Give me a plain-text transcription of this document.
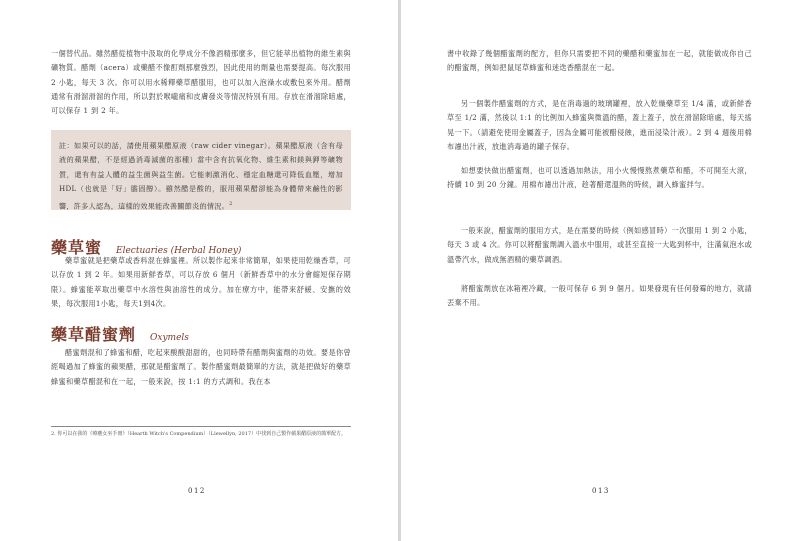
一個替代品。雖然醋從植物中汲取的化學成分不像酒精那麼多，但它能萃出植物的維生素與礦物質。醋劑（acera）或藥醋不像酊劑那麼強烈，因此使用的劑量也需要提高。每次服用 2 小匙，每天 3 次。你可以用水稀釋藥草醋服用，也可以加入泡澡水或敷包來外用。醋劑通常有滑溜滑溜的作用，所以對於喉嚨痛和皮膚發炎等情況特別有用。存放在滑溜除暗處，可以保存 1 到 2 年。

註：如果可以的話，請使用蘋果醋原液（raw cider vinegar）。蘋果醋原液（含有母液的蘋果醋，不是經過消毒滅菌的那種）當中含有抗氧化物、維生素和鎂與鉀等礦物質，還有有益人體的益生菌與益生菌。它能刺激消化、穩定血糖還可降低血壓，增加 HDL（也就是「好」膽固醇）。雖然醋是酸的，服用蘋果醋卻能為身體帶來鹼性的影響，許多人認為，這樣的效果能改善關節炎的情況。$^2$

藥草蜜 Electuaries (Herbal Honey)

藥草蜜就是把藥草或香料混在蜂蜜裡。所以製作起來非常簡單，如果使用乾燥香草，可以存放 1 到 2 年。如果用新鮮香草，可以存放 6 個月（新鮮香草中的水分會縮短保存期限）。蜂蜜能萃取出藥草中水溶性與油溶性的成分。加在療方中，能帶來舒緩、安撫的效果，每次服用1小匙，每天1到4次。

藥草醋蜜劑 Oxymels

醋蜜劑混和了蜂蜜和醋，吃起來酸酸甜甜的，也同時帶有醋劑與蜜劑的功效。要是你曾經喝過加了蜂蜜的蘋果醋，那就是醋蜜劑了。製作醋蜜劑最簡單的方法，就是把做好的藥草蜂蜜和藥草醋混和在一起，一般來說，按 1:1 的方式調和。我在本

2. 你可以在我的《療癒女巫手冊》（Hearth Witch's Compendium）（Llewellyn, 2017）中找到自己製作蘋果醋原液的簡單配方。

012

書中收錄了幾個醋蜜劑的配方，但你只需要把不同的藥醋和藥蜜加在一起，就能做成你自己的醋蜜劑，例如把鼠尾草蜂蜜和迷迭香醋混在一起。

另一個製作醋蜜劑的方式，是在消毒過的玻璃罐裡，放入乾燥藥草至 1/4 滿，或新鮮香草至 1/2 滿，然後以 1:1 的比例加入蜂蜜與微溫的醋，蓋上蓋子，放在滑溜除暗處，每天搖晃一下。（請避免使用金屬蓋子，因為金屬可能被醋侵蝕，進而浸染汁液）。2 到 4 週後用棉布濾出汁液，放進消毒過的罐子保存。

如想要快做出醋蜜劑，也可以透過加熱法，用小火慢慢熬煮藥草和醋，不可開至大滾，持續 10 到 20 分鐘。用棉布濾出汁液，趁著醋還溫熱的時候，調入蜂蜜拌勻。

一般來說，醋蜜劑的服用方式，是在需要的時候（例如感冒時）一次服用 1 到 2 小匙，每天 3 或 4 次。你可以將醋蜜劑調入溫水中服用，或甚至直接一大匙到杯中，注滿氣泡水或溫帶汽水，做成無酒精的藥草調酒。

將醋蜜劑放在冰箱裡冷藏，一般可保存 6 到 9 個月。如果發現有任何發霉的地方，就請丟棄不用。

013
